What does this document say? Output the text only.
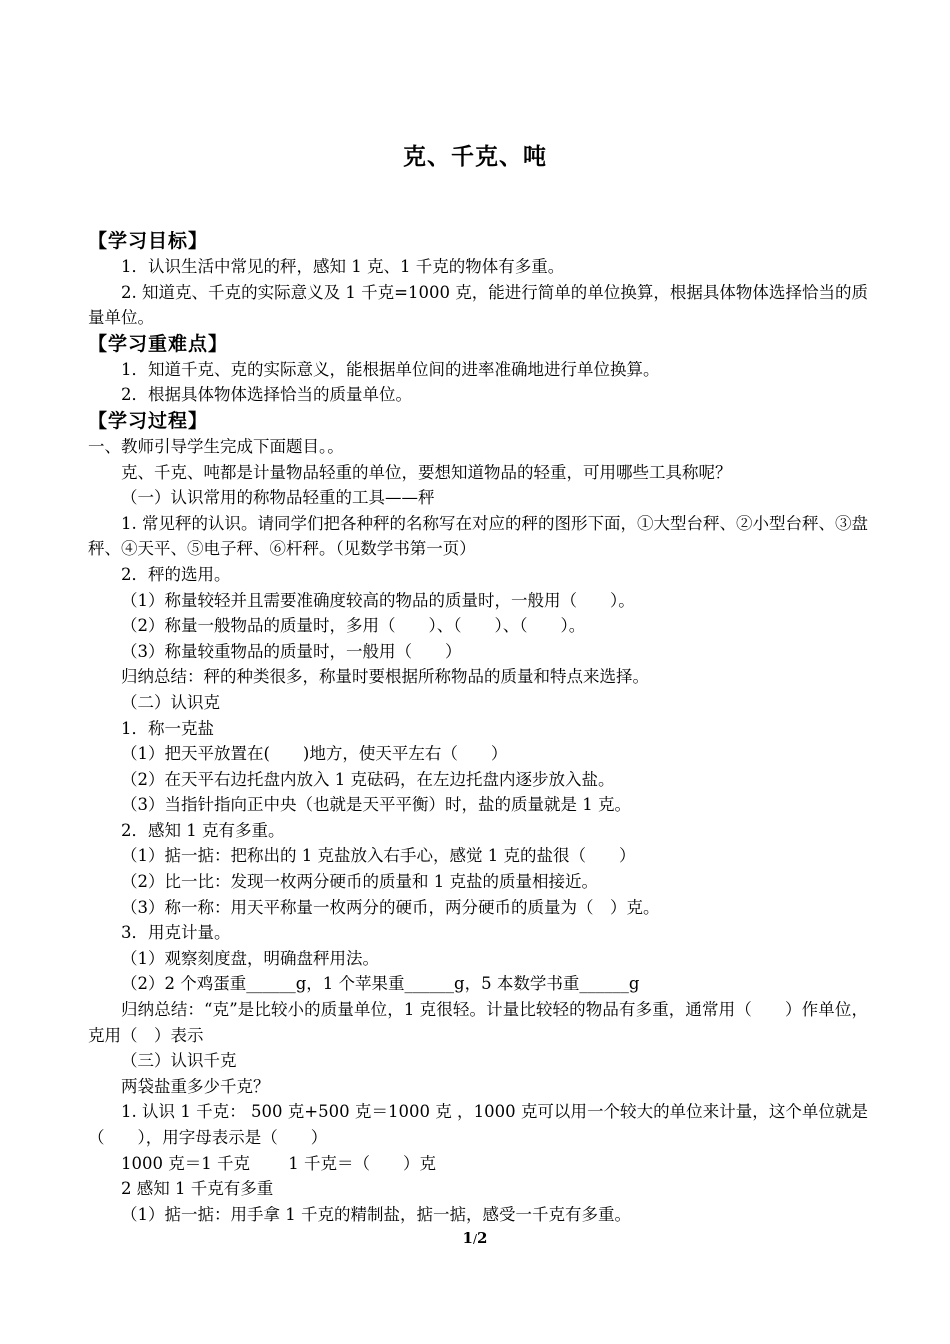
克、千克、吨

【学习目标】

1．认识生活中常见的秤，感知 1 克、1 千克的物体有多重。

2. 知道克、千克的实际意义及 1 千克=1000 克，能进行简单的单位换算，根据具体物体选择恰当的质量单位。

【学习重难点】

1．知道千克、克的实际意义，能根据单位间的进率准确地进行单位换算。

2．根据具体物体选择恰当的质量单位。

【学习过程】

一、教师引导学生完成下面题目。。

克、千克、吨都是计量物品轻重的单位，要想知道物品的轻重，可用哪些工具称呢？

（一）认识常用的称物品轻重的工具——秤

1. 常见秤的认识。请同学们把各种秤的名称写在对应的秤的图形下面，①大型台秤、②小型台秤、③盘秤、④天平、⑤电子秤、⑥杆秤。（见数学书第一页）

2．秤的选用。

（1）称量较轻并且需要准确度较高的物品的质量时，一般用（　　）。

（2）称量一般物品的质量时，多用（　　）、（　　）、（　　）。

（3）称量较重物品的质量时，一般用（　　）

归纳总结：秤的种类很多，称量时要根据所称物品的质量和特点来选择。

（二）认识克

1．称一克盐

（1）把天平放置在(　　)地方，使天平左右（　　）

（2）在天平右边托盘内放入 1 克砝码，在左边托盘内逐步放入盐。

（3）当指针指向正中央（也就是天平平衡）时，盐的质量就是 1 克。

2．感知 1 克有多重。

（1）掂一掂：把称出的 1 克盐放入右手心，感觉 1 克的盐很（　　）

（2）比一比：发现一枚两分硬币的质量和 1 克盐的质量相接近。

（3）称一称：用天平称量一枚两分的硬币，两分硬币的质量为（　）克。

3．用克计量。

（1）观察刻度盘，明确盘秤用法。

（2）2 个鸡蛋重______g，1 个苹果重______g，5 本数学书重______g

归纳总结：“克”是比较小的质量单位，1 克很轻。计量比较轻的物品有多重，通常用（　　）作单位，克用（　）表示

（三）认识千克

两袋盐重多少千克？

1. 认识 1 千克： 500 克+500 克＝1000 克 ，1000 克可以用一个较大的单位来计量，这个单位就是（　　），用字母表示是（　　）

1000 克＝1 千克　　 1 千克＝（　　）克

2 感知 1 千克有多重

（1）掂一掂：用手拿 1 千克的精制盐，掂一掂，感受一千克有多重。

1/2
